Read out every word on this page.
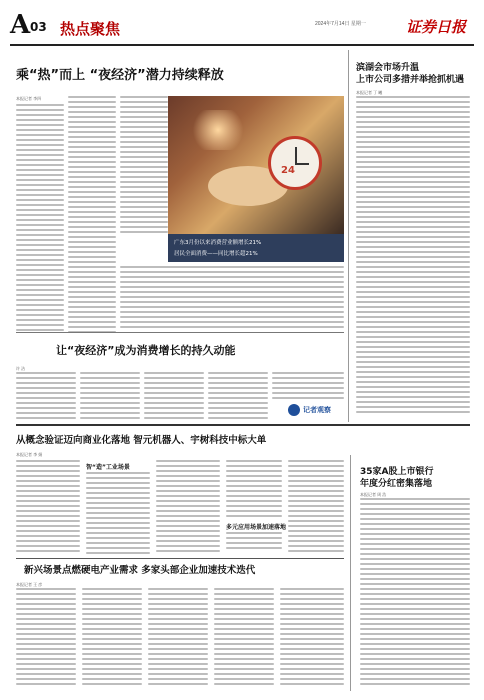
A 03 热点聚焦	2024年7月14日 星期一	证券日报
乘“热”而上 “夜经济”潜力持续释放
本报记者 李四
24
广东3月份以来消费营业额增长21%
居民全面消费——同比增长超21%
让“夜经济”成为消费增长的持久动能
许 洁
记者观察
滨湖会市场升温
上市公司多措并举抢抓机遇
本报记者 丁 曦
从概念验证迈向商业化落地 智元机器人、宇树科技中标大单
本报记者 李 娟
智“造”工业场景
多元应用场景加速落地
35家A股上市银行
年度分红密集落地
本报记者 周 浩
新兴场景点燃硬电产业需求 多家头部企业加速技术迭代
本报记者 王 彦
